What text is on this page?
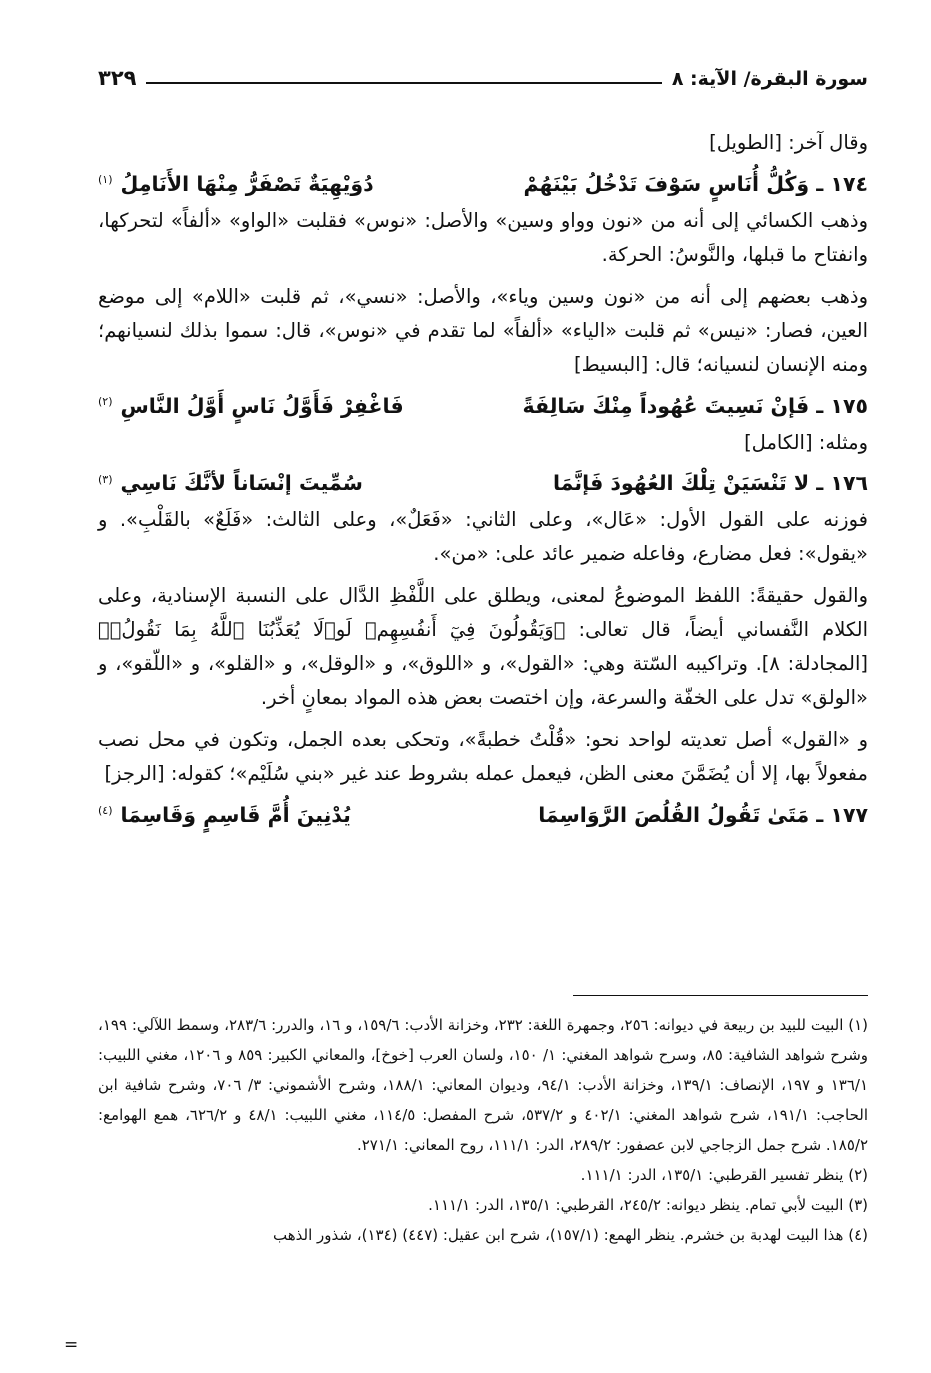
سورة البقرة/ الآية: ٨
٣٢٩

وقال آخر: [الطويل]

١٧٤ ـ وَكُلُّ أُنَاسٍ سَوْفَ تَدْخُلُ بَيْنَهُمْ
دُوَيْهِيَةٌ تَصْفَرُّ مِنْهَا الأَنَامِلُ$^{(١)}$

وذهب الكسائي إلى أنه من «نون وواو وسين» والأصل: «نوس» فقلبت «الواو» «ألفاً» لتحركها، وانفتاح ما قبلها، والنَّوسُ: الحركة.

وذهب بعضهم إلى أنه من «نون وسين وياء»، والأصل: «نسي»، ثم قلبت «اللام» إلى موضع العين، فصار: «نيس» ثم قلبت «الياء» «ألفاً» لما تقدم في «نوس»، قال: سموا بذلك لنسيانهم؛ ومنه الإنسان لنسيانه؛ قال: [البسيط]

١٧٥ ـ فَإنْ نَسِيتَ عُهُوداً مِنْكَ سَالِفَةً
فَاغْفِرْ فَأَوَّلُ نَاسٍ أَوَّلُ النَّاسِ$^{(٢)}$

ومثله: [الكامل]

١٧٦ ـ لا تَنْسَيَنْ تِلْكَ العُهُودَ فَإنَّمَا
سُمِّيتَ إنْسَاناً لأنَّكَ نَاسِي$^{(٣)}$

فوزنه على القول الأول: «عَال»، وعلى الثاني: «فَعَلٌ»، وعلى الثالث: «فَلَعٌ» بالقَلْبِ». و «يقول»: فعل مضارع، وفاعله ضمير عائد على: «من».

والقول حقيقةً: اللفظ الموضوعُ لمعنى، ويطلق على اللَّفْظِ الدَّال على النسبة الإسنادية، وعلى الكلام النَّفساني أيضاً، قال تعالى: ﴿وَيَقُولُونَ فِيٓ أَنفُسِهِمۡ لَوۡلَا يُعَذِّبُنَا ٱللَّهُ بِمَا نَقُولُۚ﴾ [المجادلة: ٨]. وتراكيبه السّتة وهي: «القول»، و «اللوق»، و «الوقل»، و «القلو»، و «اللّقو»، و «الولق» تدل على الخفّة والسرعة، وإن اختصت بعض هذه المواد بمعانٍ أخر.

و «القول» أصل تعديته لواحد نحو: «قُلْتُ خطبةً»، وتحكى بعده الجمل، وتكون في محل نصب مفعولاً بها، إلا أن يُضَمَّنَ معنى الظن، فيعمل عمله بشروط عند غير «بني سُلَيْم»؛ كقوله: [الرجز]

١٧٧ ـ مَتَىٰ تَقُولُ القُلُصَ الرَّوَاسِمَا
يُدْنِينَ أُمَّ قَاسِمٍ وَقَاسِمَا$^{(٤)}$

(١) البيت للبيد بن ربيعة في ديوانه: ٢٥٦، وجمهرة اللغة: ٢٣٢، وخزانة الأدب: ١٥٩/٦، و ١٦، والدرر: ٢٨٣/٦، وسمط اللآلي: ١٩٩، وشرح شواهد الشافية: ٨٥، وسرح شواهد المغني: ١/ ١٥٠، ولسان العرب [خوخ]، والمعاني الكبير: ٨٥٩ و ١٢٠٦، مغني اللبيب: ١٣٦/١ و ١٩٧، الإنصاف: ١٣٩/١، وخزانة الأدب: ٩٤/١، وديوان المعاني: ١٨٨/١، وشرح الأشموني: ٣/ ٧٠٦، وشرح شافية ابن الحاجب: ١٩١/١، شرح شواهد المغني: ٤٠٢/١ و ٥٣٧/٢، شرح المفصل: ١١٤/٥، مغني اللبيب: ٤٨/١ و ٦٢٦/٢، همع الهوامع: ١٨٥/٢. شرح جمل الزجاجي لابن عصفور: ٢٨٩/٢، الدر: ١١١/١، روح المعاني: ٢٧١/١.

(٢) ينظر تفسير القرطبي: ١٣٥/١، الدر: ١١١/١.

(٣) البيت لأبي تمام. ينظر ديوانه: ٢٤٥/٢، القرطبي: ١٣٥/١، الدر: ١١١/١.

(٤) هذا البيت لهدبة بن خشرم. ينظر الهمع: (١٥٧/١)، شرح ابن عقيل: (٤٤٧) (١٣٤)، شذور الذهب

=
